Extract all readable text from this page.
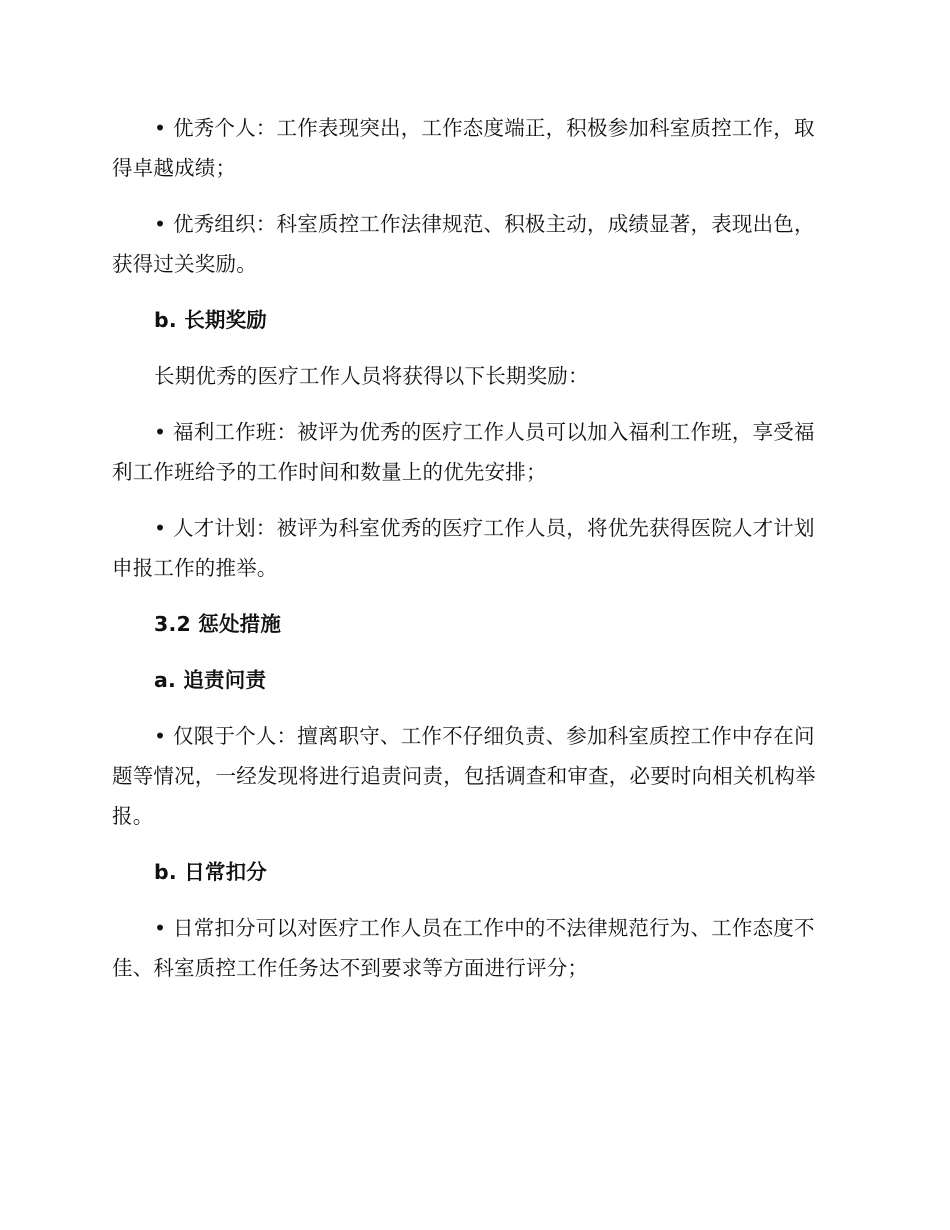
• 优秀个人：工作表现突出，工作态度端正，积极参加科室质控工作，取得卓越成绩；

• 优秀组织：科室质控工作法律规范、积极主动，成绩显著，表现出色，获得过关奖励。

b. 长期奖励

长期优秀的医疗工作人员将获得以下长期奖励：

• 福利工作班：被评为优秀的医疗工作人员可以加入福利工作班，享受福利工作班给予的工作时间和数量上的优先安排；

• 人才计划：被评为科室优秀的医疗工作人员，将优先获得医院人才计划申报工作的推举。

3.2 惩处措施

a. 追责问责

• 仅限于个人：擅离职守、工作不仔细负责、参加科室质控工作中存在问题等情况，一经发现将进行追责问责，包括调查和审查，必要时向相关机构举报。

b. 日常扣分

• 日常扣分可以对医疗工作人员在工作中的不法律规范行为、工作态度不佳、科室质控工作任务达不到要求等方面进行评分；
